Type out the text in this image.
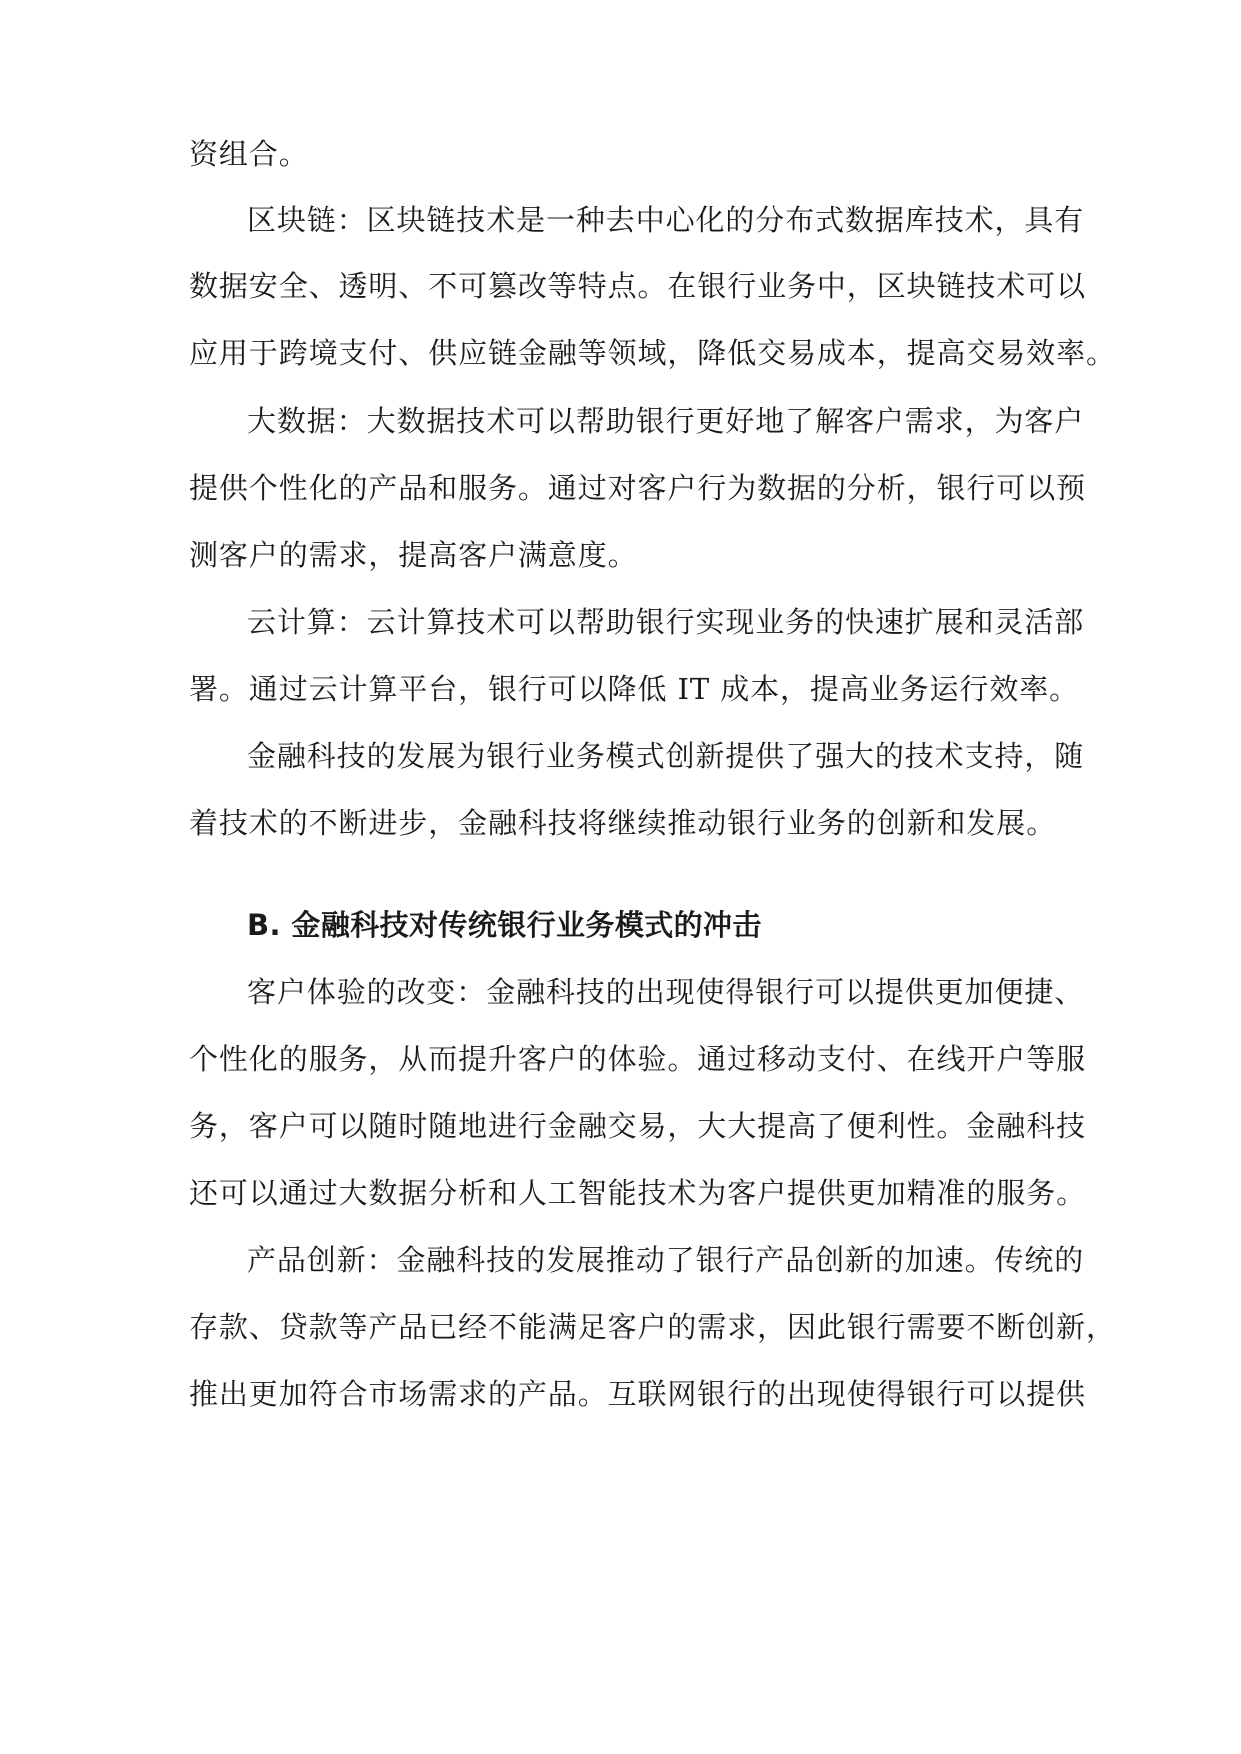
资组合。
区块链：区块链技术是一种去中心化的分布式数据库技术，具有
数据安全、透明、不可篡改等特点。在银行业务中，区块链技术可以
应用于跨境支付、供应链金融等领域，降低交易成本，提高交易效率。
大数据：大数据技术可以帮助银行更好地了解客户需求，为客户
提供个性化的产品和服务。通过对客户行为数据的分析，银行可以预
测客户的需求，提高客户满意度。
云计算：云计算技术可以帮助银行实现业务的快速扩展和灵活部
署。通过云计算平台，银行可以降低 IT 成本，提高业务运行效率。
金融科技的发展为银行业务模式创新提供了强大的技术支持，随
着技术的不断进步，金融科技将继续推动银行业务的创新和发展。
B. 金融科技对传统银行业务模式的冲击
客户体验的改变：金融科技的出现使得银行可以提供更加便捷、
个性化的服务，从而提升客户的体验。通过移动支付、在线开户等服
务，客户可以随时随地进行金融交易，大大提高了便利性。金融科技
还可以通过大数据分析和人工智能技术为客户提供更加精准的服务。
产品创新：金融科技的发展推动了银行产品创新的加速。传统的
存款、贷款等产品已经不能满足客户的需求，因此银行需要不断创新，
推出更加符合市场需求的产品。互联网银行的出现使得银行可以提供
